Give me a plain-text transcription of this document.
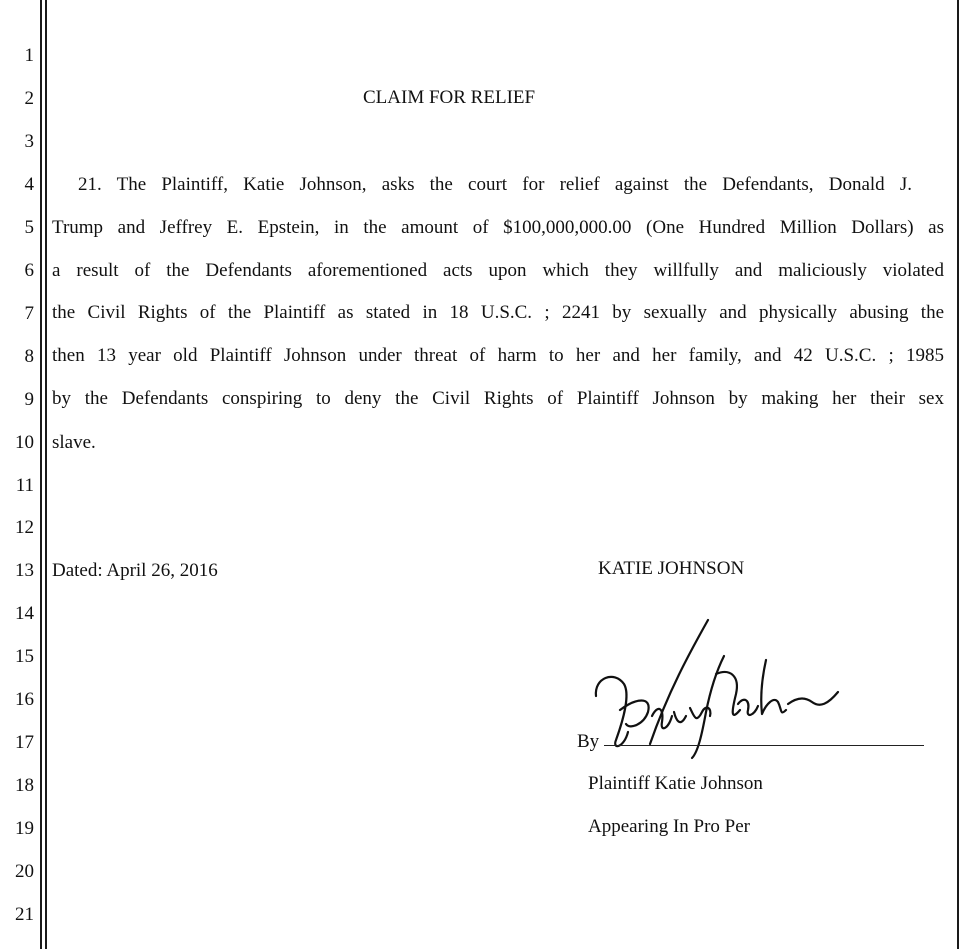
1
2
3
4
5
6
7
8
9
10
11
12
13
14
15
16
17
18
19
20
21
CLAIM FOR RELIEF
21. The Plaintiff, Katie Johnson, asks the court for relief against the Defendants, Donald J.
Trump and Jeffrey E. Epstein, in the amount of $100,000,000.00 (One Hundred Million Dollars) as
a result of the Defendants aforementioned acts upon which they willfully and maliciously violated
the Civil Rights of the Plaintiff as stated in 18 U.S.C. ; 2241 by sexually and physically abusing the
then 13 year old Plaintiff Johnson under threat of harm to her and her family, and 42 U.S.C. ; 1985
by the Defendants conspiring to deny the Civil Rights of Plaintiff Johnson by making her their sex
slave.
Dated: April 26, 2016	KATIE JOHNSON
By
Plaintiff Katie Johnson
Appearing In Pro Per
